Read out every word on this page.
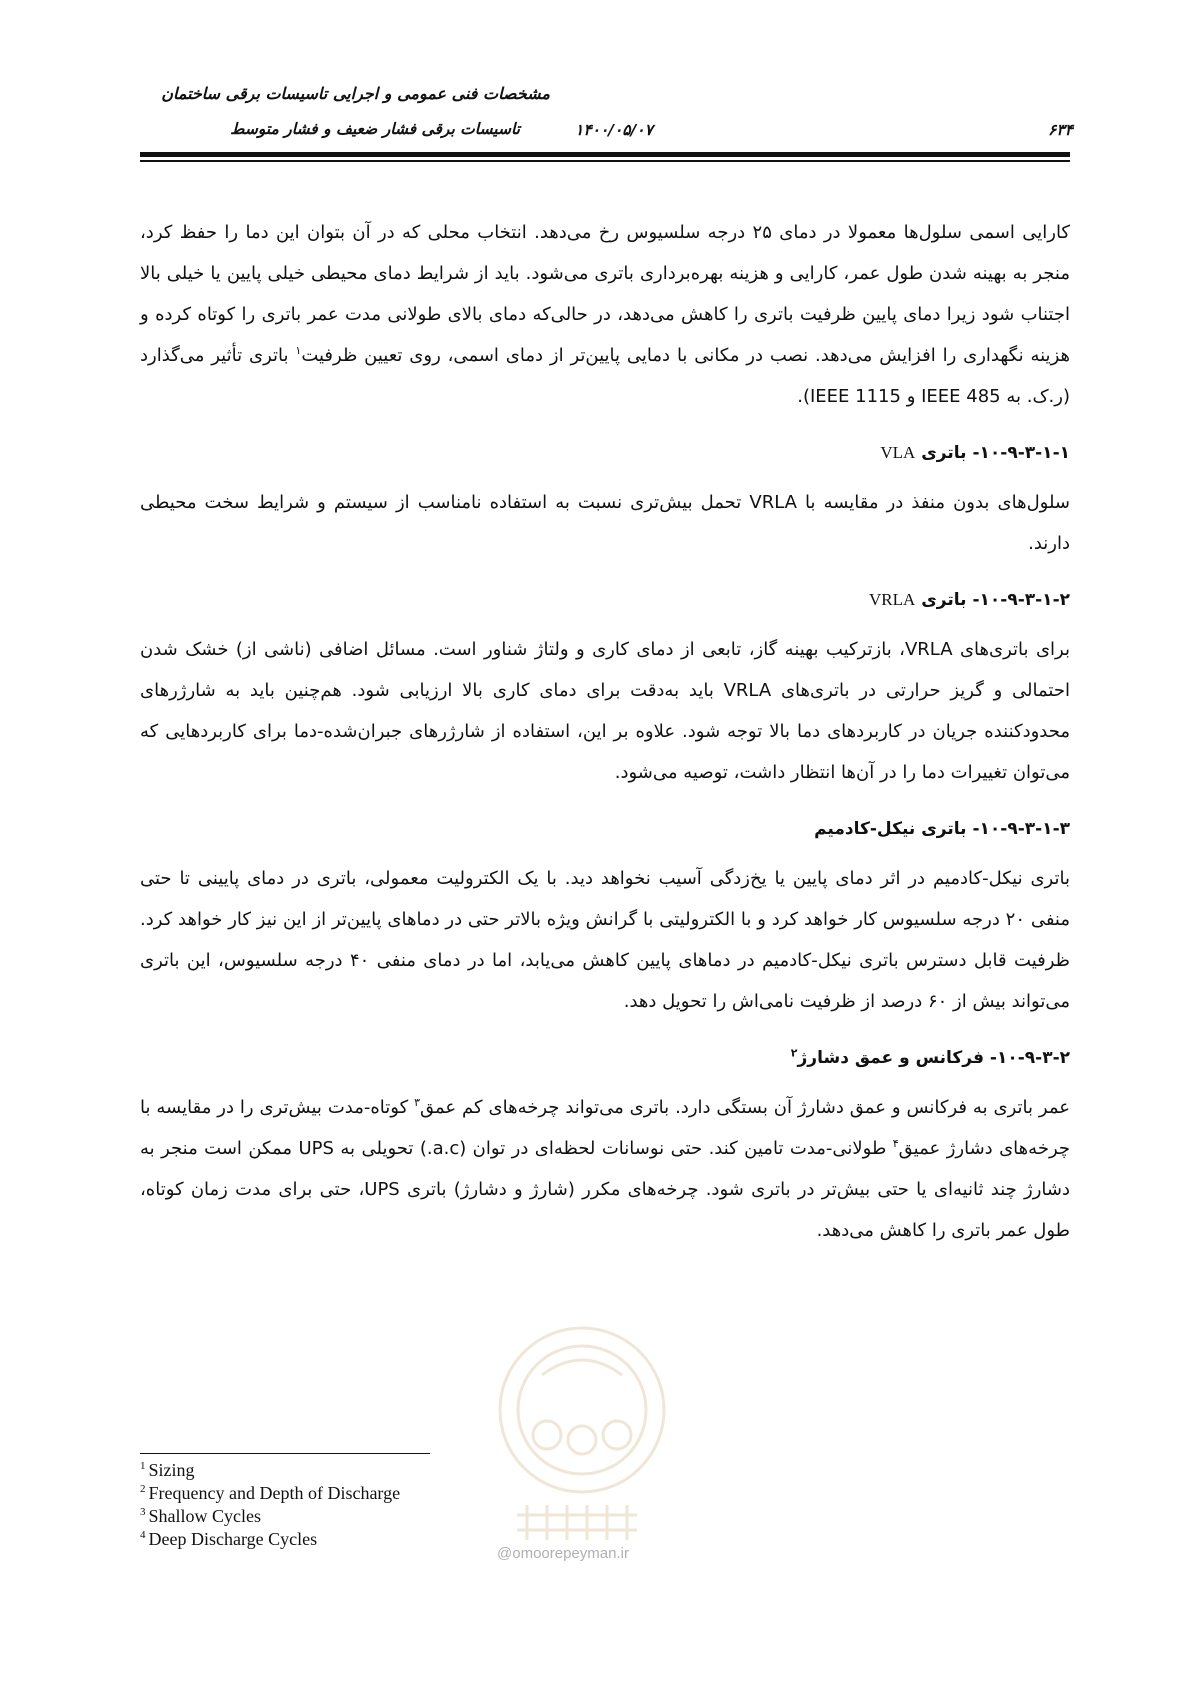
مشخصات فنی عمومی و اجرایی تاسیسات برقی ساختمان
تاسیسات برقی فشار ضعیف و فشار متوسط	۱۴۰۰/۰۵/۰۷	۶۳۴

کارایی اسمی سلول‌ها معمولا در دمای ۲۵ درجه سلسیوس رخ می‌دهد. انتخاب محلی که در آن بتوان این دما را حفظ کرد، منجر به بهینه شدن طول عمر، کارایی و هزینه بهره‌برداری باتری می‌شود. باید از شرایط دمای محیطی خیلی پایین یا خیلی بالا اجتناب شود زیرا دمای پایین ظرفیت باتری را کاهش می‌دهد، در حالی‌که دمای بالای طولانی مدت عمر باتری را کوتاه کرده و هزینه نگهداری را افزایش می‌دهد. نصب در مکانی با دمایی پایین‌تر از دمای اسمی، روی تعیین ظرفیت$^۱$ باتری تأثیر می‌گذارد (ر.ک. به IEEE 485 و IEEE 1115).

۱۰-۹-۳-۱-۱- باتری VLA

سلول‌های بدون منفذ در مقایسه با VRLA تحمل بیش‌تری نسبت به استفاده نامناسب از سیستم و شرایط سخت محیطی دارند.

۱۰-۹-۳-۱-۲- باتری VRLA

برای باتری‌های VRLA، بازترکیب بهینه گاز، تابعی از دمای کاری و ولتاژ شناور است. مسائل اضافی (ناشی از) خشک شدن احتمالی و گریز حرارتی در باتری‌های VRLA باید به‌دقت برای دمای کاری بالا ارزیابی شود. هم‌چنین باید به شارژرهای محدودکننده جریان در کاربردهای دما بالا توجه شود. علاوه بر این، استفاده از شارژرهای جبران‌شده-دما برای کاربردهایی که می‌توان تغییرات دما را در آن‌ها انتظار داشت، توصیه می‌شود.

۱۰-۹-۳-۱-۳- باتری نیکل-کادمیم

باتری نیکل-کادمیم در اثر دمای پایین یا یخ‌زدگی آسیب نخواهد دید. با یک الکترولیت معمولی، باتری در دمای پایینی تا حتی منفی ۲۰ درجه سلسیوس کار خواهد کرد و با الکترولیتی با گرانش ویژه بالاتر حتی در دماهای پایین‌تر از این نیز کار خواهد کرد. ظرفیت قابل دسترس باتری نیکل-کادمیم در دماهای پایین کاهش می‌یابد، اما در دمای منفی ۴۰ درجه سلسیوس، این باتری می‌تواند بیش از ۶۰ درصد از ظرفیت نامی‌اش را تحویل دهد.

۱۰-۹-۳-۲- فرکانس و عمق دشارژ$^۲$

عمر باتری به فرکانس و عمق دشارژ آن بستگی دارد. باتری می‌تواند چرخه‌های کم عمق$^۳$ کوتاه-مدت بیش‌تری را در مقایسه با چرخه‌های دشارژ عمیق$^۴$ طولانی-مدت تامین کند. حتی نوسانات لحظه‌ای در توان (a.c.) تحویلی به UPS ممکن است منجر به دشارژ چند ثانیه‌ای یا حتی بیش‌تر در باتری شود. چرخه‌های مکرر (شارژ و دشارژ) باتری UPS، حتی برای مدت زمان کوتاه، طول عمر باتری را کاهش می‌دهد.

@omoorepeyman.ir
$^1$ Sizing
$^2$ Frequency and Depth of Discharge
$^3$ Shallow Cycles
$^4$ Deep Discharge Cycles
